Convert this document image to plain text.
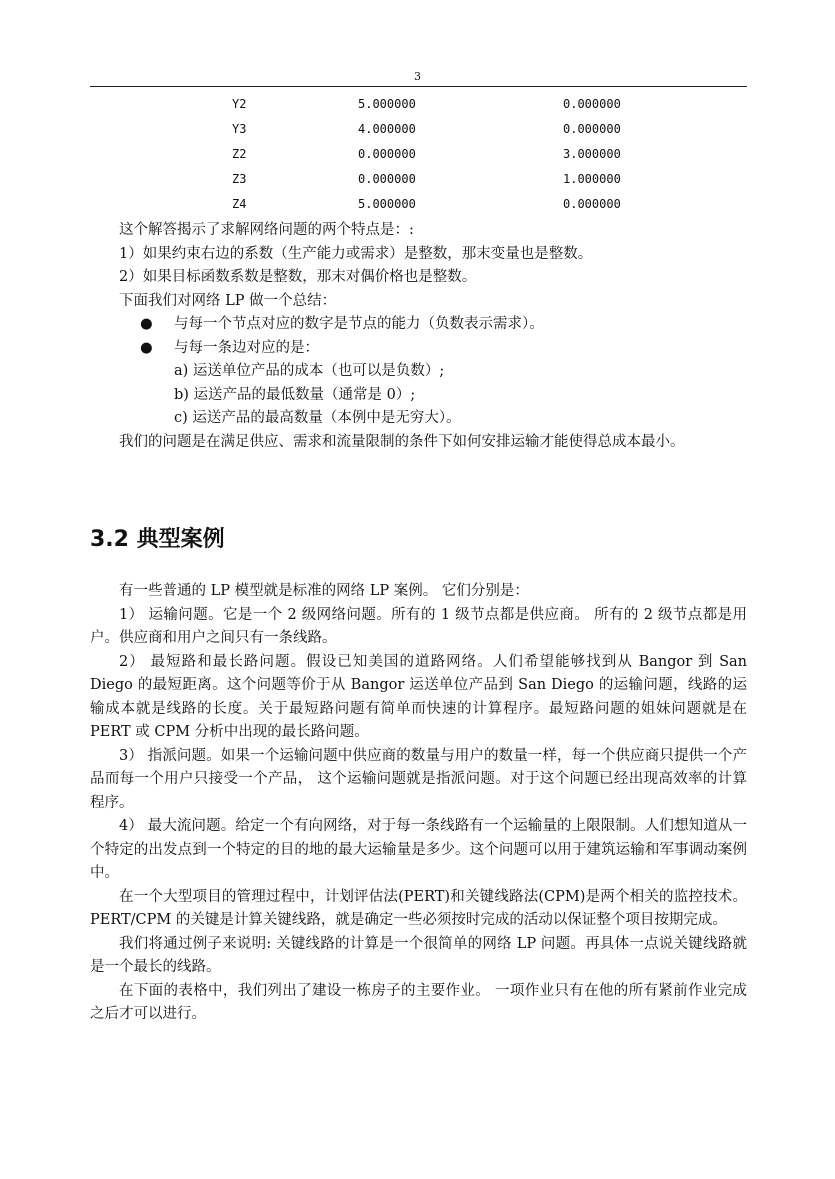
3
Y2	5.000000	0.000000
Y3	4.000000	0.000000
Z2	0.000000	3.000000
Z3	0.000000	1.000000
Z4	5.000000	0.000000

这个解答揭示了求解网络问题的两个特点是：:

1）如果约束右边的系数（生产能力或需求）是整数，那末变量也是整数。

2）如果目标函数系数是整数，那末对偶价格也是整数。

下面我们对网络 LP 做一个总结：

● 与每一个节点对应的数字是节点的能力（负数表示需求）。

● 与每一条边对应的是：

a) 运送单位产品的成本（也可以是负数）;

b) 运送产品的最低数量（通常是 0）;

c) 运送产品的最高数量（本例中是无穷大）。

我们的问题是在满足供应、需求和流量限制的条件下如何安排运输才能使得总成本最小。

3.2 典型案例

有一些普通的 LP 模型就是标准的网络 LP 案例。 它们分别是：

1） 运输问题。它是一个 2 级网络问题。所有的 1 级节点都是供应商。 所有的 2 级节点都是用户。供应商和用户之间只有一条线路。

2） 最短路和最长路问题。假设已知美国的道路网络。人们希望能够找到从 Bangor 到 San Diego 的最短距离。这个问题等价于从 Bangor 运送单位产品到 San Diego 的运输问题，线路的运输成本就是线路的长度。关于最短路问题有简单而快速的计算程序。最短路问题的姐妹问题就是在 PERT 或 CPM 分析中出现的最长路问题。

3） 指派问题。如果一个运输问题中供应商的数量与用户的数量一样，每一个供应商只提供一个产品而每一个用户只接受一个产品， 这个运输问题就是指派问题。对于这个问题已经出现高效率的计算程序。

4） 最大流问题。给定一个有向网络，对于每一条线路有一个运输量的上限限制。人们想知道从一个特定的出发点到一个特定的目的地的最大运输量是多少。这个问题可以用于建筑运输和军事调动案例中。

在一个大型项目的管理过程中，计划评估法(PERT)和关键线路法(CPM)是两个相关的监控技术。PERT/CPM 的关键是计算关键线路，就是确定一些必须按时完成的活动以保证整个项目按期完成。

我们将通过例子来说明: 关键线路的计算是一个很简单的网络 LP 问题。再具体一点说关键线路就是一个最长的线路。

在下面的表格中，我们列出了建设一栋房子的主要作业。 一项作业只有在他的所有紧前作业完成之后才可以进行。
